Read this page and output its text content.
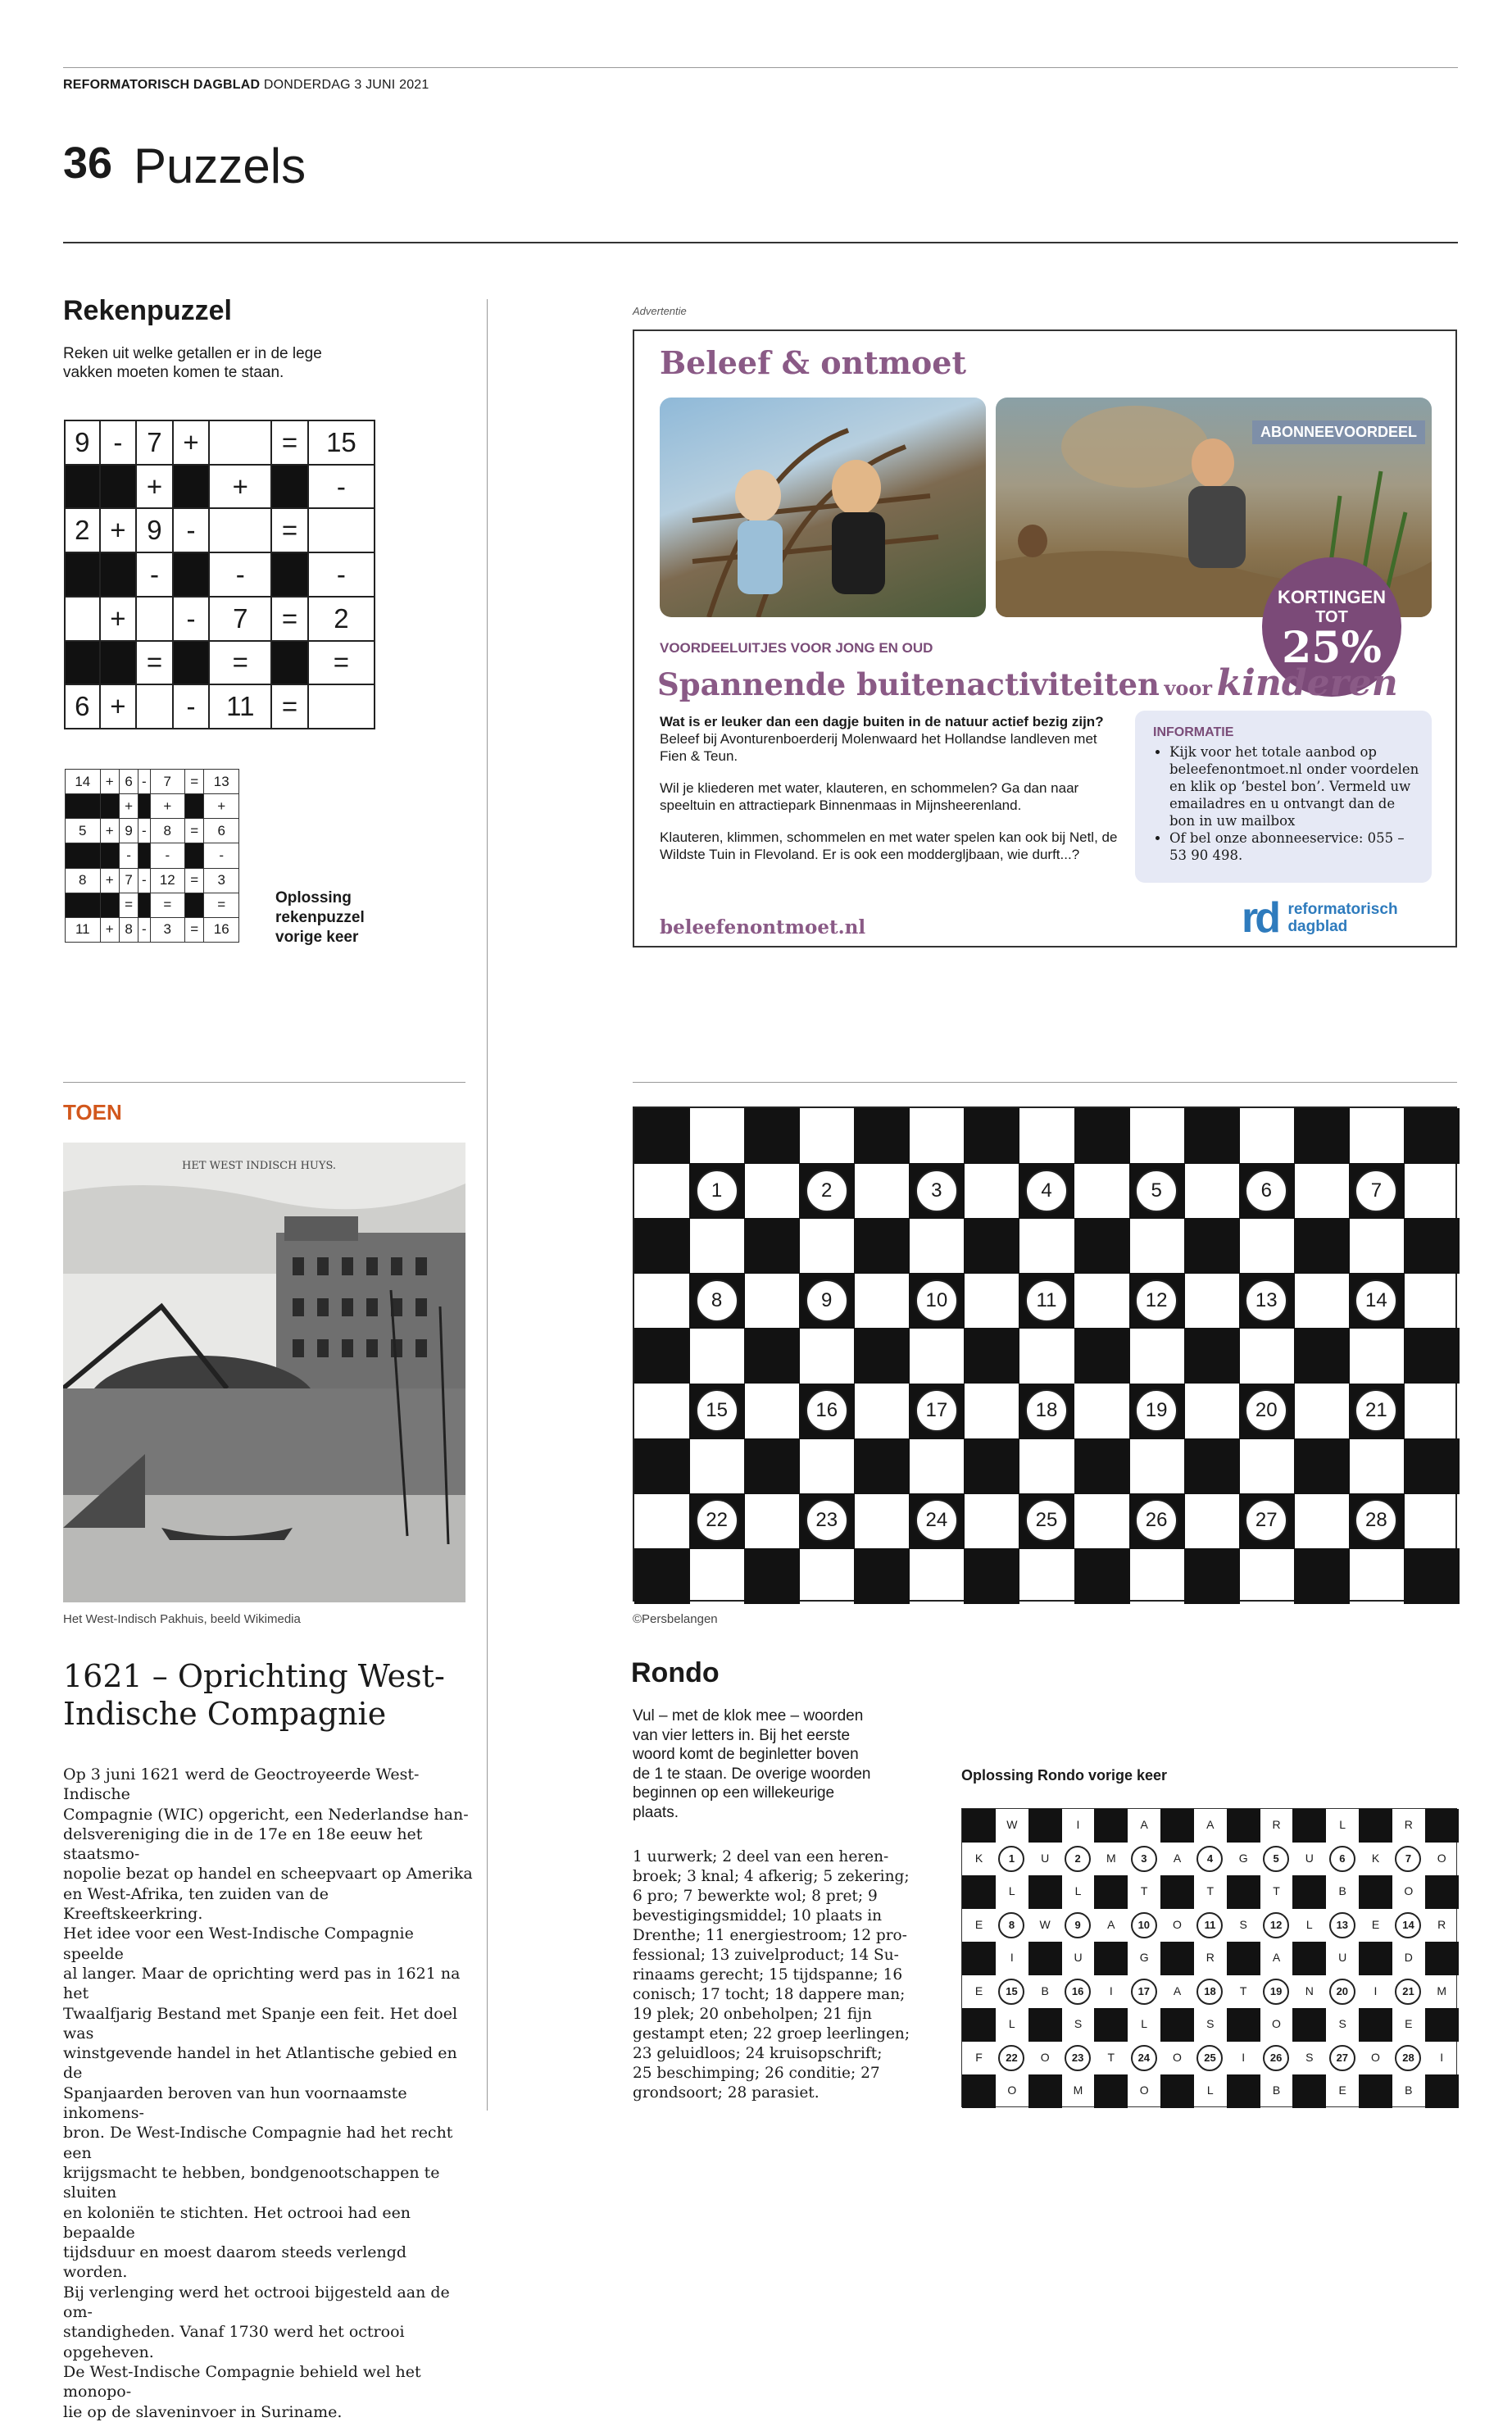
REFORMATORISCH DAGBLAD DONDERDAG 3 JUNI 2021
36 Puzzels
Rekenpuzzel
Reken uit welke getallen er in de lege
vakken moeten komen te staan.
9	-	7	+		=	15
		+		+		-
2	+	9	-		=	
		-		-		-
	+		-	7	=	2
		=		=		=
6	+		-	11	=	
14	+	6	-	7	=	13
		+		+		+
5	+	9	-	8	=	6
		-		-		-
8	+	7	-	12	=	3
		=		=		=
11	+	8	-	3	=	16
Oplossing
rekenpuzzel
vorige keer
Advertentie
Beleef & ontmoet
ABONNEEVOORDEEL
KORTINGEN
TOT
25%
VOORDEELUITJES VOOR JONG EN OUD
Spannende buitenactiviteiten voor kinderen

Wat is er leuker dan een dagje buiten in de natuur actief bezig zijn? Beleef bij Avonturenboerderij Molenwaard het Hollandse landleven met Fien & Teun.

Wil je kliederen met water, klauteren, en schommelen? Ga dan naar speeltuin en attractiepark Binnenmaas in Mijnsheerenland.

Klauteren, klimmen, schommelen en met water spelen kan ook bij Netl, de Wildste Tuin in Flevoland. Er is ook een moddergljbaan, wie durft...?

INFORMATIE
• Kijk voor het totale aanbod op beleefenontmoet.nl onder voordelen en klik op ‘bestel bon’. Vermeld uw emailadres en u ontvangt dan de bon in uw mailbox
• Of bel onze abonneeservice: 055 – 53 90 498.
beleefenontmoet.nl	rd reformatorisch
dagblad
TOEN
HET WEST INDISCH HUYS.
Het West-Indisch Pakhuis, beeld Wikimedia
1621 – Oprichting West-
Indische Compagnie
Op 3 juni 1621 werd de Geoctroyeerde West-Indische
Compagnie (WIC) opgericht, een Nederlandse han-
delsvereniging die in de 17e en 18e eeuw het staatsmo-
nopolie bezat op handel en scheepvaart op Amerika
en West-Afrika, ten zuiden van de Kreeftskeerkring.
Het idee voor een West-Indische Compagnie speelde
al langer. Maar de oprichting werd pas in 1621 na het
Twaalfjarig Bestand met Spanje een feit. Het doel was
winstgevende handel in het Atlantische gebied en de
Spanjaarden beroven van hun voornaamste inkomens-
bron. De West-Indische Compagnie had het recht een
krijgsmacht te hebben, bondgenootschappen te sluiten
en koloniën te stichten. Het octrooi had een bepaalde
tijdsduur en moest daarom steeds verlengd worden.
Bij verlenging werd het octrooi bijgesteld aan de om-
standigheden. Vanaf 1730 werd het octrooi opgeheven.
De West-Indische Compagnie behield wel het monopo-
lie op de slaveninvoer in Suriname.
1	2	3	4	5	6	7
8	9	10	11	12	13	14
15	16	17	18	19	20	21
22	23	24	25	26	27	28
©Persbelangen
Rondo
Vul – met de klok mee – woorden
van vier letters in. Bij het eerste
woord komt de beginletter boven
de 1 te staan. De overige woorden
beginnen op een willekeurige
plaats.
1 uurwerk; 2 deel van een heren-
broek; 3 knal; 4 afkerig; 5 zekering;
6 pro; 7 bewerkte wol; 8 pret; 9
bevestigingsmiddel; 10 plaats in
Drenthe; 11 energiestroom; 12 pro-
fessional; 13 zuivelproduct; 14 Su-
rinaams gerecht; 15 tijdspanne; 16
conisch; 17 tocht; 18 dappere man;
19 plek; 20 onbeholpen; 21 fijn
gestampt eten; 22 groep leerlingen;
23 geluidloos; 24 kruisopschrift;
25 beschimping; 26 conditie; 27
grondsoort; 28 parasiet.
Oplossing Rondo vorige keer
W	I	A	A	R	L	R
K	1	U	2	M	3	A	4	G	5	U	6	K	7	O
L	L	T	T	T	B	O
E	8	W	9	A	10	O	11	S	12	L	13	E	14	R
I	U	G	R	A	U	D
E	15	B	16	I	17	A	18	T	19	N	20	I	21	M
L	S	L	S	O	S	E
F	22	O	23	T	24	O	25	I	26	S	27	O	28	I
O	M	O	L	B	E	B
